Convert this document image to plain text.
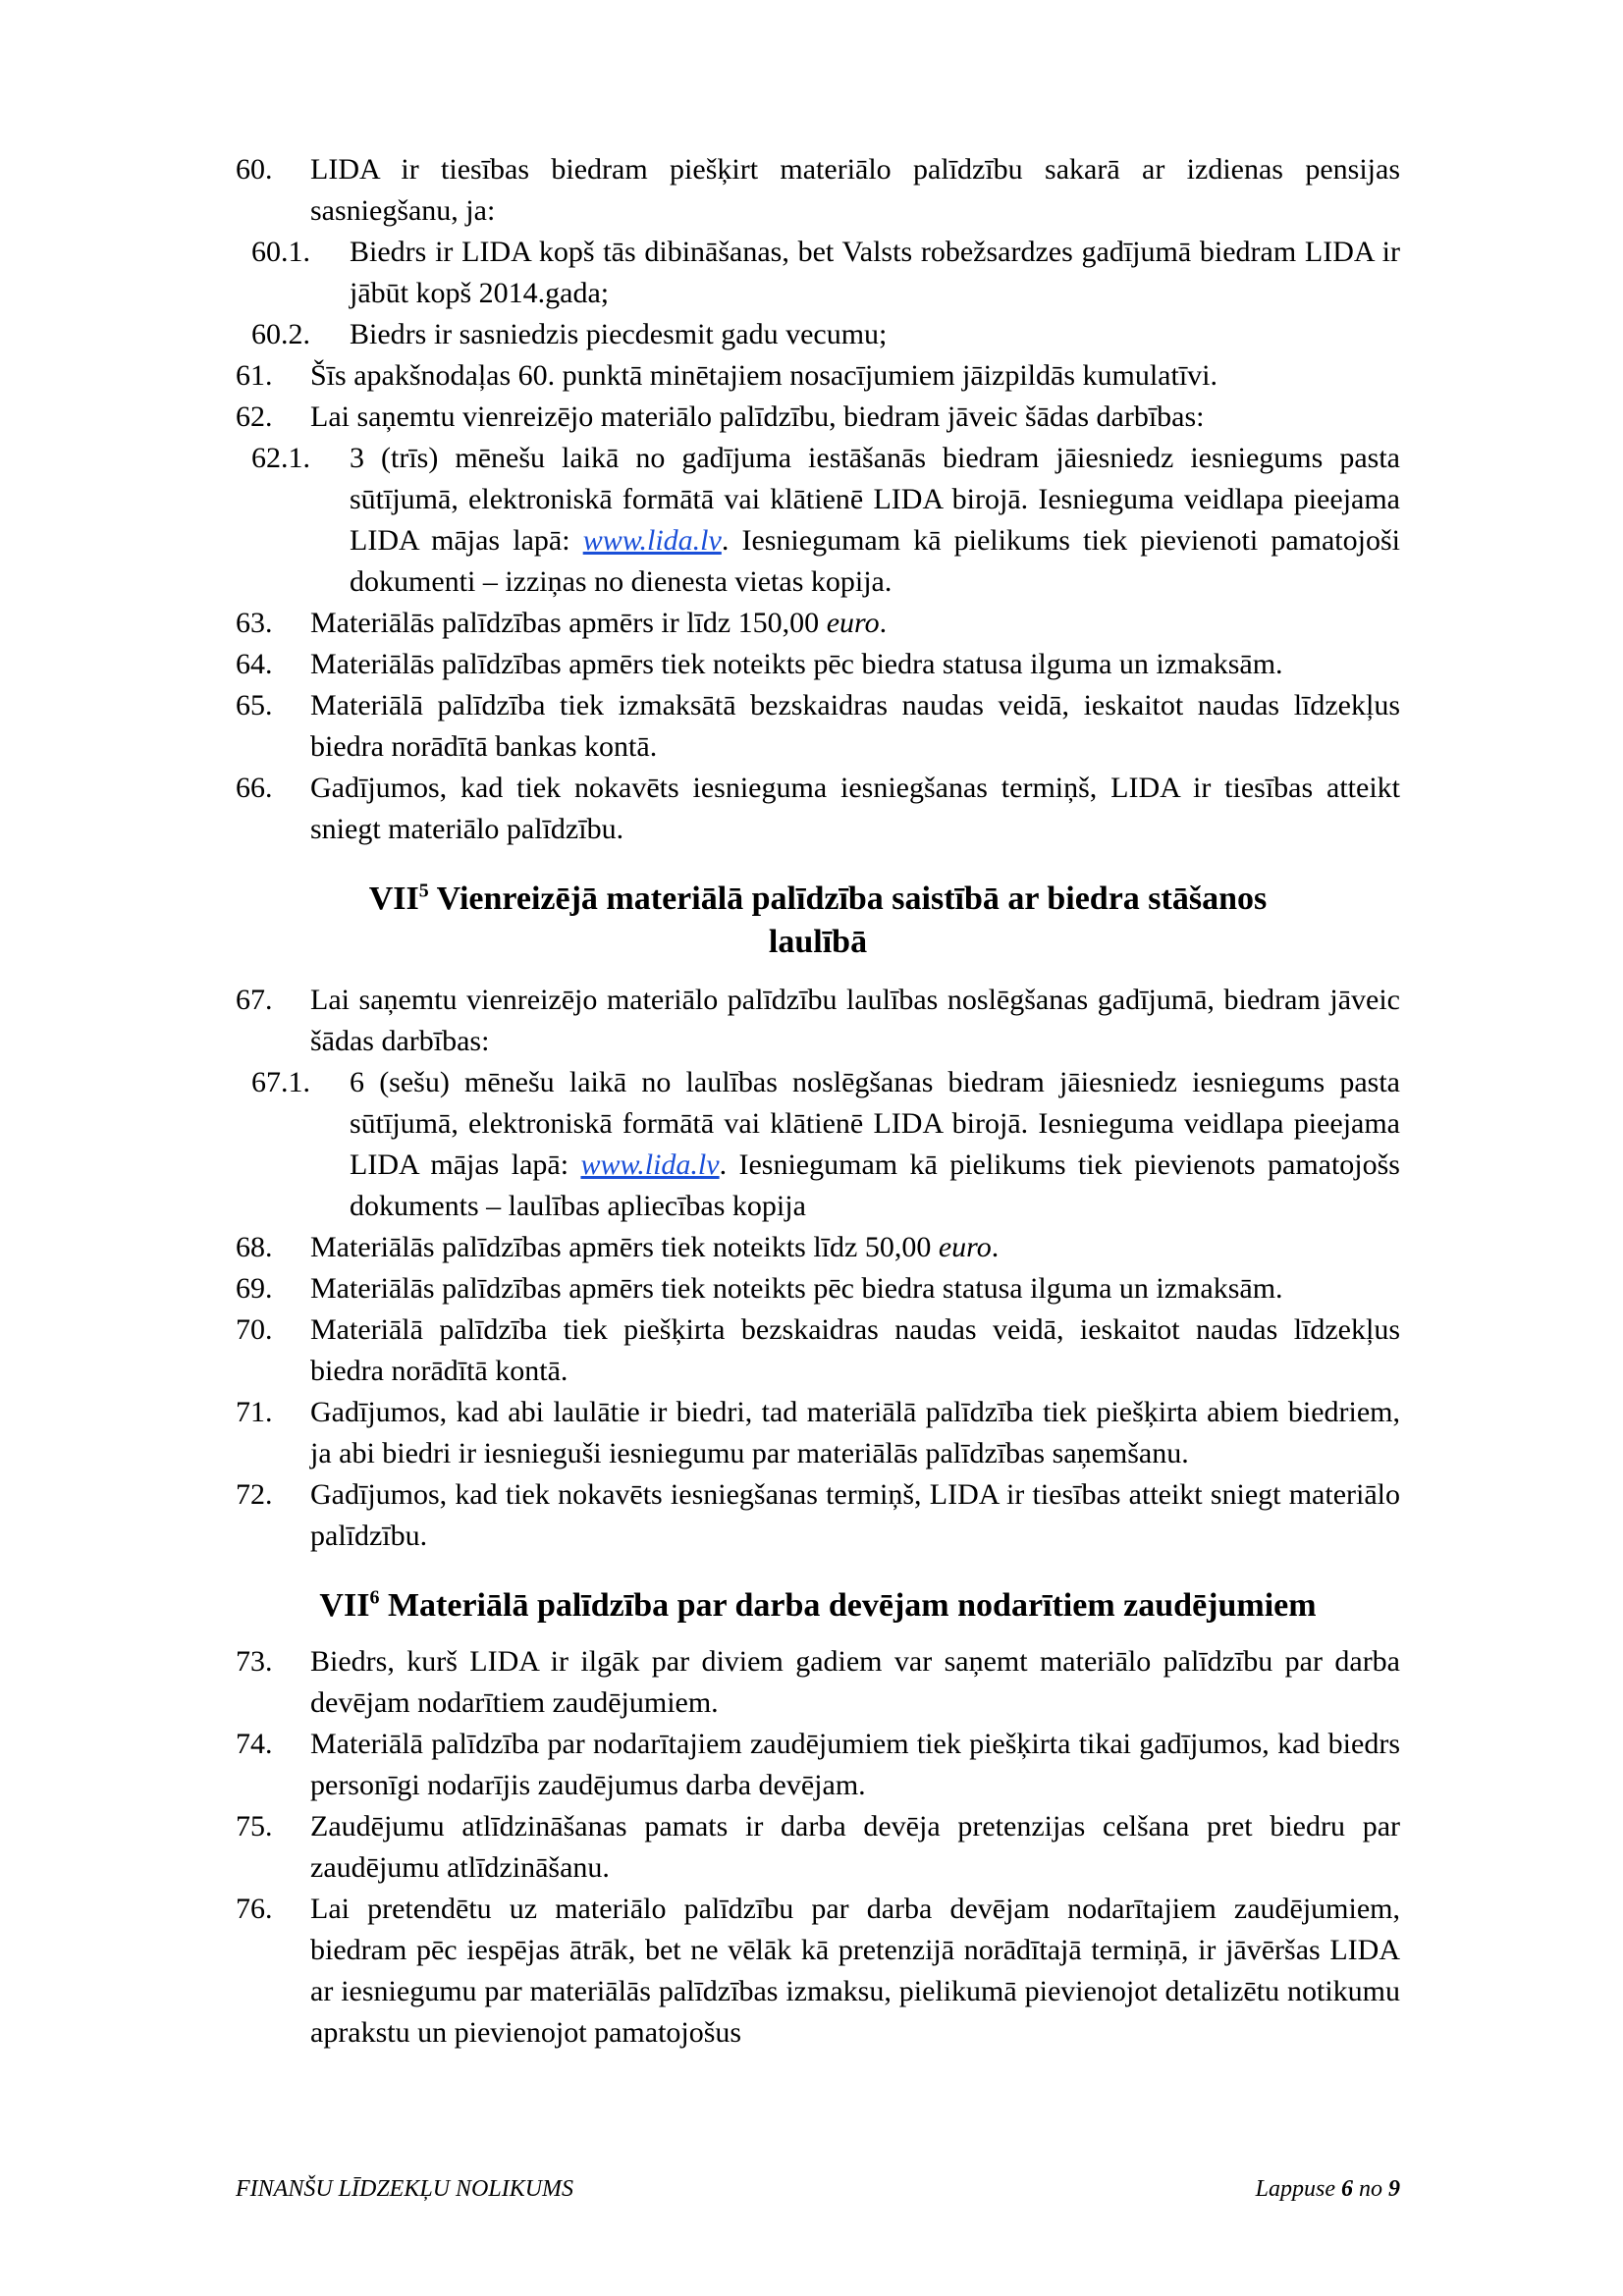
60. LIDA ir tiesības biedram piešķirt materiālo palīdzību sakarā ar izdienas pensijas sasniegšanu, ja:

60.1. Biedrs ir LIDA kopš tās dibināšanas, bet Valsts robežsardzes gadījumā biedram LIDA ir jābūt kopš 2014.gada;

60.2. Biedrs ir sasniedzis piecdesmit gadu vecumu;

61. Šīs apakšnodaļas 60. punktā minētajiem nosacījumiem jāizpildās kumulatīvi.

62. Lai saņemtu vienreizējo materiālo palīdzību, biedram jāveic šādas darbības:

62.1. 3 (trīs) mēnešu laikā no gadījuma iestāšanās biedram jāiesniedz iesniegums pasta sūtījumā, elektroniskā formātā vai klātienē LIDA birojā. Iesnieguma veidlapa pieejama LIDA mājas lapā: www.lida.lv. Iesniegumam kā pielikums tiek pievienoti pamatojoši dokumenti – izziņas no dienesta vietas kopija.

63. Materiālās palīdzības apmērs ir līdz 150,00 euro.

64. Materiālās palīdzības apmērs tiek noteikts pēc biedra statusa ilguma un izmaksām.

65. Materiālā palīdzība tiek izmaksātā bezskaidras naudas veidā, ieskaitot naudas līdzekļus biedra norādītā bankas kontā.

66. Gadījumos, kad tiek nokavēts iesnieguma iesniegšanas termiņš, LIDA ir tiesības atteikt sniegt materiālo palīdzību.

VII$^5$ Vienreizējā materiālā palīdzība saistībā ar biedra stāšanos
laulībā

67. Lai saņemtu vienreizējo materiālo palīdzību laulības noslēgšanas gadījumā, biedram jāveic šādas darbības:

67.1. 6 (sešu) mēnešu laikā no laulības noslēgšanas biedram jāiesniedz iesniegums pasta sūtījumā, elektroniskā formātā vai klātienē LIDA birojā. Iesnieguma veidlapa pieejama LIDA mājas lapā: www.lida.lv. Iesniegumam kā pielikums tiek pievienots pamatojošs dokuments – laulības apliecības kopija

68. Materiālās palīdzības apmērs tiek noteikts līdz 50,00 euro.

69. Materiālās palīdzības apmērs tiek noteikts pēc biedra statusa ilguma un izmaksām.

70. Materiālā palīdzība tiek piešķirta bezskaidras naudas veidā, ieskaitot naudas līdzekļus biedra norādītā kontā.

71. Gadījumos, kad abi laulātie ir biedri, tad materiālā palīdzība tiek piešķirta abiem biedriem, ja abi biedri ir iesnieguši iesniegumu par materiālās palīdzības saņemšanu.

72. Gadījumos, kad tiek nokavēts iesniegšanas termiņš, LIDA ir tiesības atteikt sniegt materiālo palīdzību.

VII$^6$ Materiālā palīdzība par darba devējam nodarītiem zaudējumiem

73. Biedrs, kurš LIDA ir ilgāk par diviem gadiem var saņemt materiālo palīdzību par darba devējam nodarītiem zaudējumiem.

74. Materiālā palīdzība par nodarītajiem zaudējumiem tiek piešķirta tikai gadījumos, kad biedrs personīgi nodarījis zaudējumus darba devējam.

75. Zaudējumu atlīdzināšanas pamats ir darba devēja pretenzijas celšana pret biedru par zaudējumu atlīdzināšanu.

76. Lai pretendētu uz materiālo palīdzību par darba devējam nodarītajiem zaudējumiem, biedram pēc iespējas ātrāk, bet ne vēlāk kā pretenzijā norādītajā termiņā, ir jāvēršas LIDA ar iesniegumu par materiālās palīdzības izmaksu, pielikumā pievienojot detalizētu notikumu aprakstu un pievienojot pamatojošus

FINANŠU LĪDZEKĻU NOLIKUMS	Lappuse 6 no 9
